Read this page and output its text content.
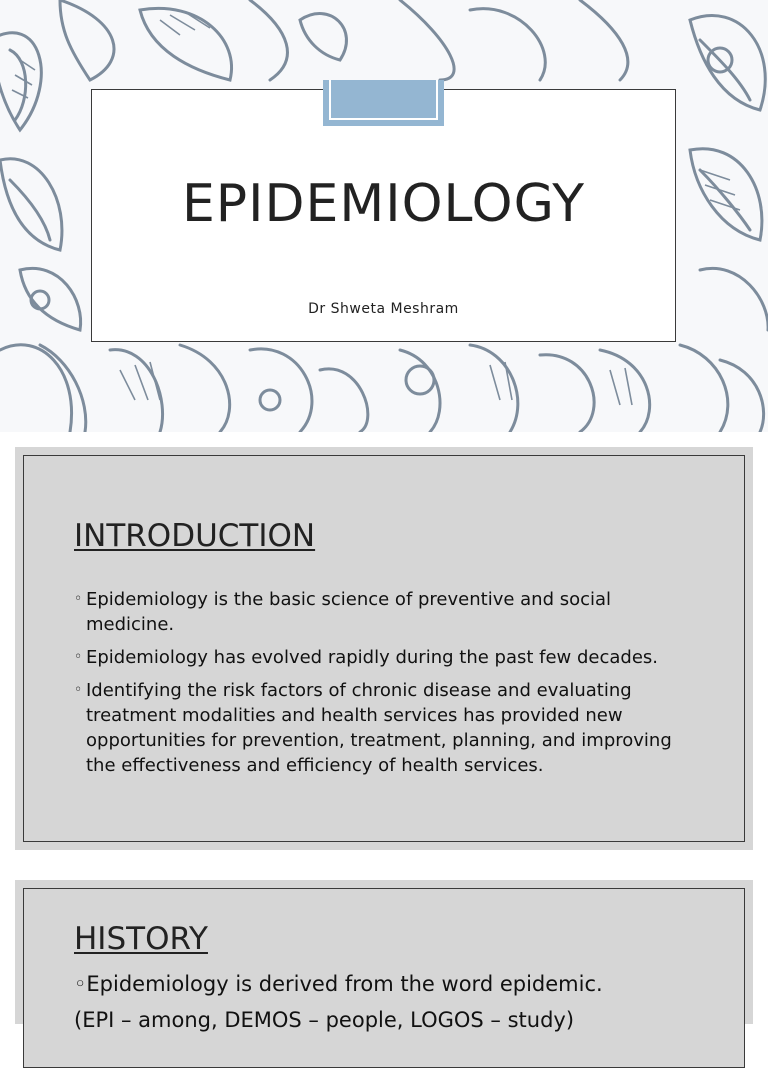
EPIDEMIOLOGY
Dr Shweta Meshram
INTRODUCTION
◦ Epidemiology is the basic science of preventive and social medicine.
◦ Epidemiology has evolved rapidly during the past few decades.
◦ Identifying the risk factors of chronic disease and evaluating treatment modalities and health services has provided new opportunities for prevention, treatment, planning, and improving the effectiveness and efficiency of health services.
HISTORY
◦Epidemiology is derived from the word epidemic.
(EPI – among, DEMOS – people, LOGOS – study)
